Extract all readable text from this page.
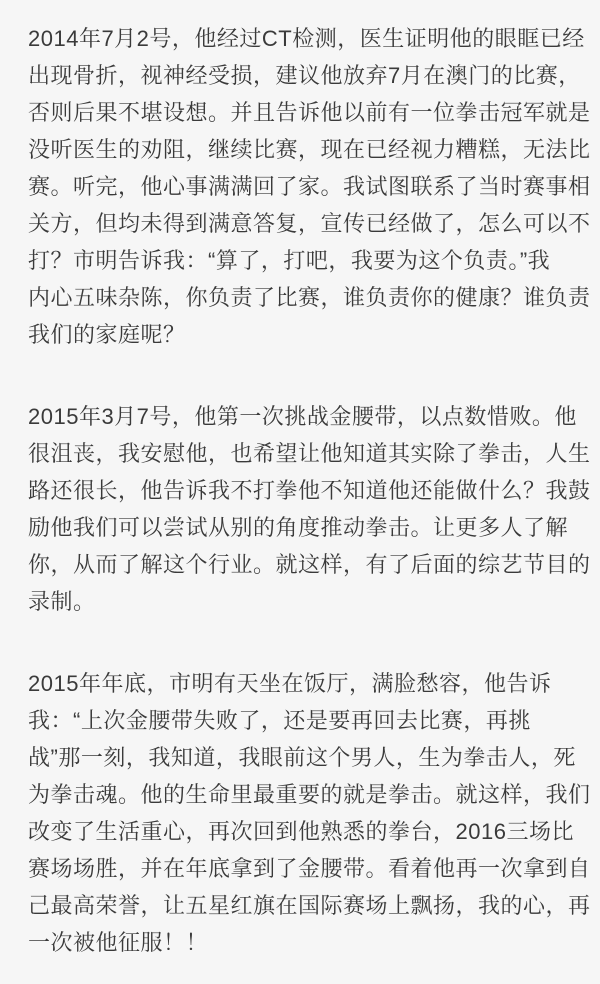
2014年7月2号，他经过CT检测，医生证明他的眼眶已经
出现骨折，视神经受损，建议他放弃7月在澳门的比赛，
否则后果不堪设想。并且告诉他以前有一位拳击冠军就是
没听医生的劝阻，继续比赛，现在已经视力糟糕，无法比
赛。听完，他心事满满回了家。我试图联系了当时赛事相
关方，但均未得到满意答复，宣传已经做了，怎么可以不
打？市明告诉我：“算了，打吧，我要为这个负责。”我
内心五味杂陈，你负责了比赛，谁负责你的健康？谁负责
我们的家庭呢？
2015年3月7号，他第一次挑战金腰带，以点数惜败。他
很沮丧，我安慰他，也希望让他知道其实除了拳击，人生
路还很长，他告诉我不打拳他不知道他还能做什么？我鼓
励他我们可以尝试从别的角度推动拳击。让更多人了解
你，从而了解这个行业。就这样，有了后面的综艺节目的
录制。
2015年年底，市明有天坐在饭厅，满脸愁容，他告诉
我：“上次金腰带失败了，还是要再回去比赛，再挑
战”那一刻，我知道，我眼前这个男人，生为拳击人，死
为拳击魂。他的生命里最重要的就是拳击。就这样，我们
改变了生活重心，再次回到他熟悉的拳台，2016三场比
赛场场胜，并在年底拿到了金腰带。看着他再一次拿到自
己最高荣誉，让五星红旗在国际赛场上飘扬，我的心，再
一次被他征服！！
